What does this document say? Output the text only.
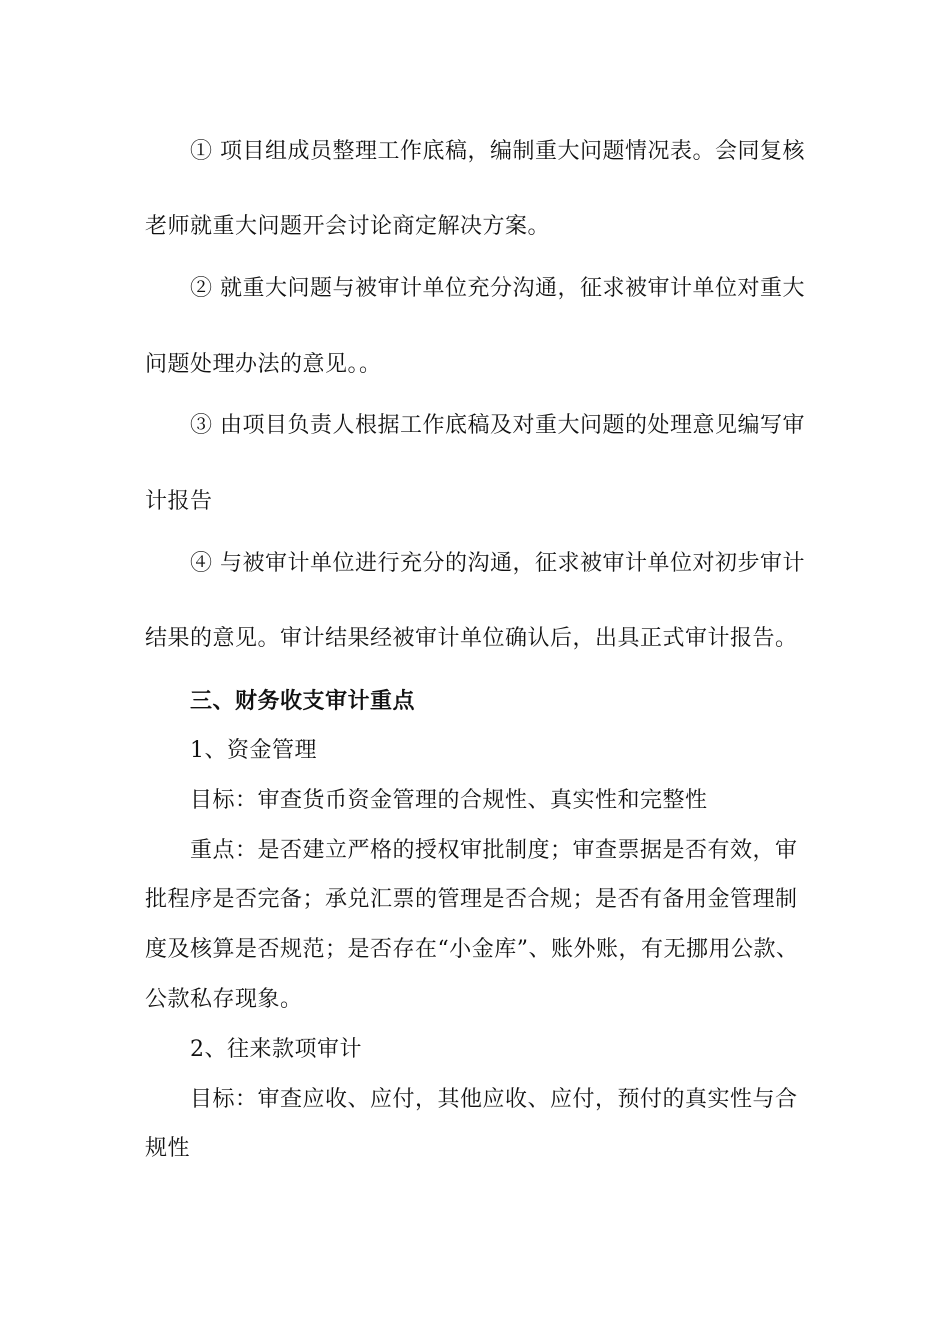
① 项目组成员整理工作底稿，编制重大问题情况表。会同复核
老师就重大问题开会讨论商定解决方案。
② 就重大问题与被审计单位充分沟通，征求被审计单位对重大
问题处理办法的意见。。
③ 由项目负责人根据工作底稿及对重大问题的处理意见编写审
计报告
④ 与被审计单位进行充分的沟通，征求被审计单位对初步审计
结果的意见。审计结果经被审计单位确认后，出具正式审计报告。
三、财务收支审计重点
1、资金管理
目标：审查货币资金管理的合规性、真实性和完整性
重点：是否建立严格的授权审批制度；审查票据是否有效，审
批程序是否完备；承兑汇票的管理是否合规；是否有备用金管理制
度及核算是否规范；是否存在“小金库”、账外账，有无挪用公款、
公款私存现象。
2、往来款项审计
目标：审查应收、应付，其他应收、应付，预付的真实性与合
规性
